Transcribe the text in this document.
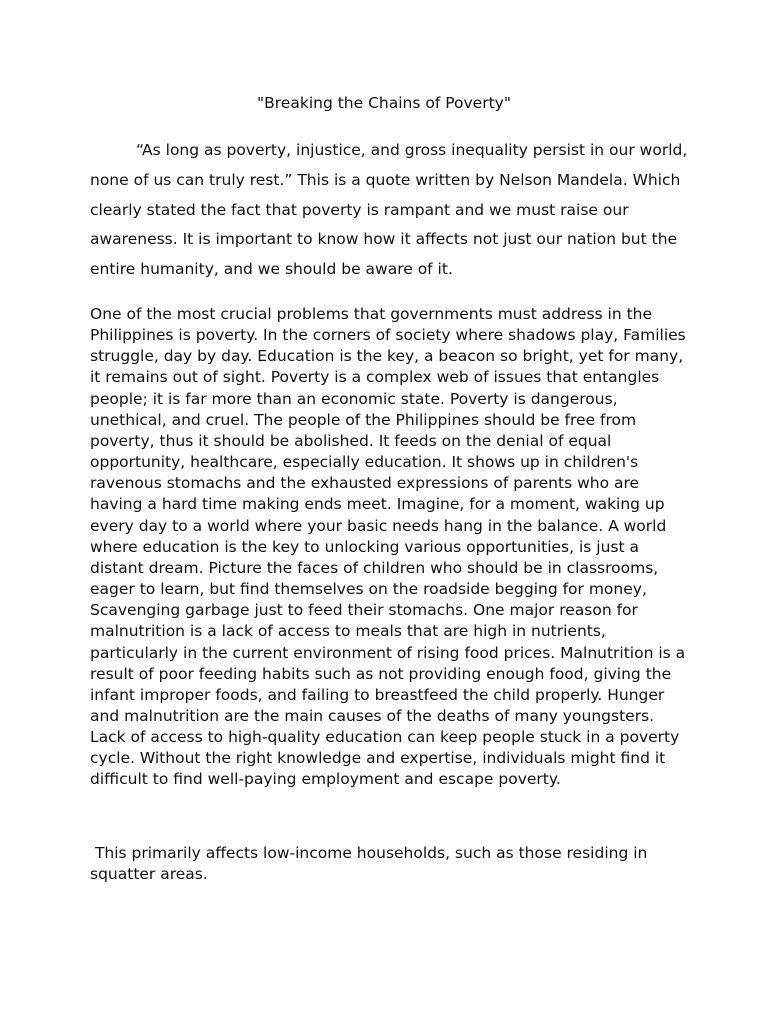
"Breaking the Chains of Poverty"

“As long as poverty, injustice, and gross inequality persist in our world, none of us can truly rest.” This is a quote written by Nelson Mandela. Which clearly stated the fact that poverty is rampant and we must raise our awareness. It is important to know how it affects not just our nation but the entire humanity, and we should be aware of it.

One of the most crucial problems that governments must address in the Philippines is poverty. In the corners of society where shadows play, Families struggle, day by day. Education is the key, a beacon so bright, yet for many, it remains out of sight. Poverty is a complex web of issues that entangles people; it is far more than an economic state. Poverty is dangerous, unethical, and cruel. The people of the Philippines should be free from poverty, thus it should be abolished. It feeds on the denial of equal opportunity, healthcare, especially education. It shows up in children's ravenous stomachs and the exhausted expressions of parents who are having a hard time making ends meet. Imagine, for a moment, waking up every day to a world where your basic needs hang in the balance. A world where education is the key to unlocking various opportunities, is just a distant dream. Picture the faces of children who should be in classrooms, eager to learn, but find themselves on the roadside begging for money, Scavenging garbage just to feed their stomachs. One major reason for malnutrition is a lack of access to meals that are high in nutrients, particularly in the current environment of rising food prices. Malnutrition is a result of poor feeding habits such as not providing enough food, giving the infant improper foods, and failing to breastfeed the child properly. Hunger and malnutrition are the main causes of the deaths of many youngsters. Lack of access to high-quality education can keep people stuck in a poverty cycle. Without the right knowledge and expertise, individuals might find it difficult to find well-paying employment and escape poverty.

This primarily affects low-income households, such as those residing in squatter areas.
